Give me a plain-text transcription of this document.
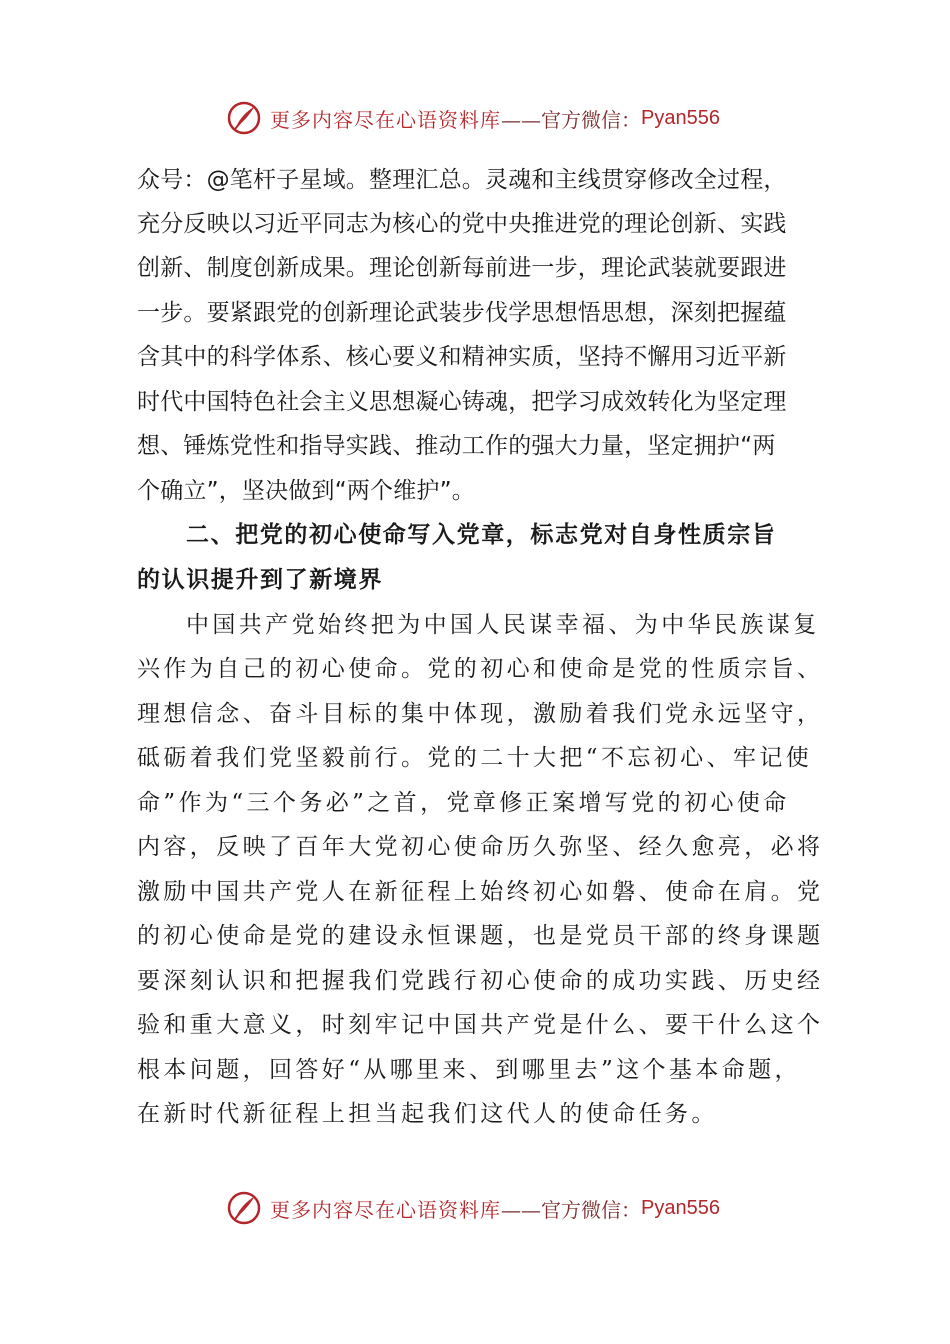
更多内容尽在心语资料库 ——官方微信： Pyan556
众号：@笔杆子星域。整理汇总。灵魂和主线贯穿修改全过程，
充分反映以习近平同志为核心的党中央推进党的理论创新、实践
创新、制度创新成果。理论创新每前进一步，理论武装就要跟进
一步。要紧跟党的创新理论武装步伐学思想悟思想，深刻把握蕴
含其中的科学体系、核心要义和精神实质，坚持不懈用习近平新
时代中国特色社会主义思想凝心铸魂，把学习成效转化为坚定理
想、锤炼党性和指导实践、推动工作的强大力量，坚定拥护“两
个确立”，坚决做到“两个维护”。
二、把党的初心使命写入党章，标志党对自身性质宗旨
的认识提升到了新境界
中国共产党始终把为中国人民谋幸福、为中华民族谋复
兴作为自己的初心使命。党的初心和使命是党的性质宗旨、
理想信念、奋斗目标的集中体现，激励着我们党永远坚守，
砥砺着我们党坚毅前行。党的二十大把“不忘初心、牢记使
命”作为“三个务必”之首，党章修正案增写党的初心使命
内容，反映了百年大党初心使命历久弥坚、经久愈亮，必将
激励中国共产党人在新征程上始终初心如磐、使命在肩。党
的初心使命是党的建设永恒课题，也是党员干部的终身课题
要深刻认识和把握我们党践行初心使命的成功实践、历史经
验和重大意义，时刻牢记中国共产党是什么、要干什么这个
根本问题，回答好“从哪里来、到哪里去”这个基本命题，
在新时代新征程上担当起我们这代人的使命任务。
更多内容尽在心语资料库 ——官方微信： Pyan556
